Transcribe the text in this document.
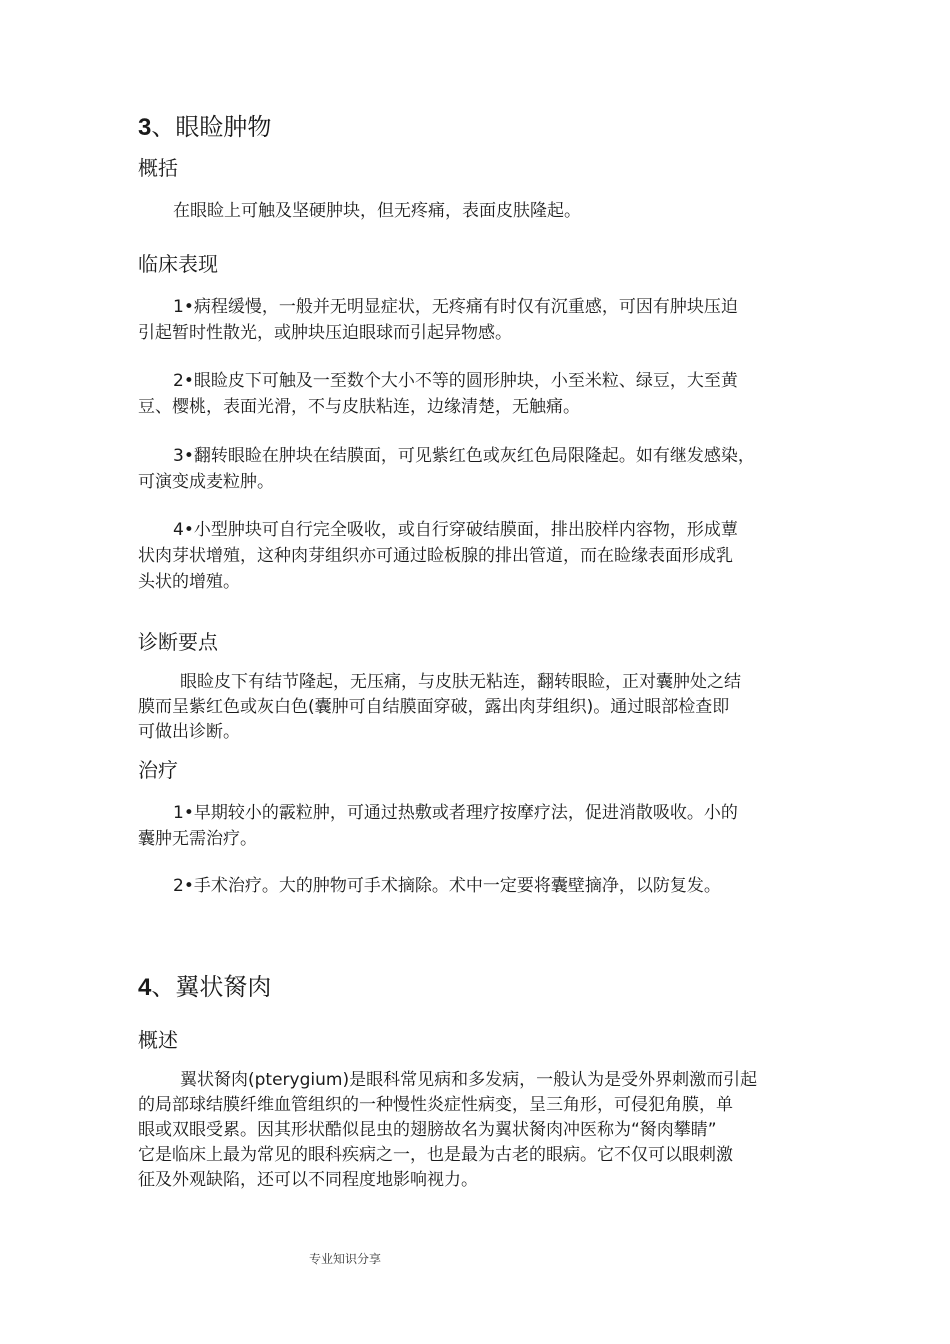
3、眼睑肿物
概括

在眼睑上可触及坚硬肿块，但无疼痛，表面皮肤隆起。

临床表现

1•病程缓慢，一般并无明显症状，无疼痛有时仅有沉重感，可因有肿块压迫
引起暂时性散光，或肿块压迫眼球而引起异物感。

2•眼睑皮下可触及一至数个大小不等的圆形肿块，小至米粒、绿豆，大至黄
豆、樱桃，表面光滑，不与皮肤粘连，边缘清楚，无触痛。

3•翻转眼睑在肿块在结膜面，可见紫红色或灰红色局限隆起。如有继发感染，
可演变成麦粒肿。

4•小型肿块可自行完全吸收，或自行穿破结膜面，排出胶样内容物，形成蕈
状肉芽状增殖，这种肉芽组织亦可通过睑板腺的排出管道，而在睑缘表面形成乳
头状的增殖。

诊断要点

眼睑皮下有结节隆起，无压痛，与皮肤无粘连，翻转眼睑，正对囊肿处之结
膜而呈紫红色或灰白色(囊肿可自结膜面穿破，露出肉芽组织)。通过眼部检查即
可做出诊断。

治疗

1•早期较小的霰粒肿，可通过热敷或者理疗按摩疗法，促进消散吸收。小的
囊肿无需治疗。

2•手术治疗。大的肿物可手术摘除。术中一定要将囊壁摘净，以防复发。

4、翼状胬肉
概述

翼状胬肉(pterygium)是眼科常见病和多发病，一般认为是受外界刺激而引起
的局部球结膜纤维血管组织的一种慢性炎症性病变，呈三角形，可侵犯角膜，单
眼或双眼受累。因其形状酷似昆虫的翅膀故名为翼状胬肉冲医称为“胬肉攀睛”
它是临床上最为常见的眼科疾病之一，也是最为古老的眼病。它不仅可以眼刺激
征及外观缺陷，还可以不同程度地影响视力。

专业知识分享
